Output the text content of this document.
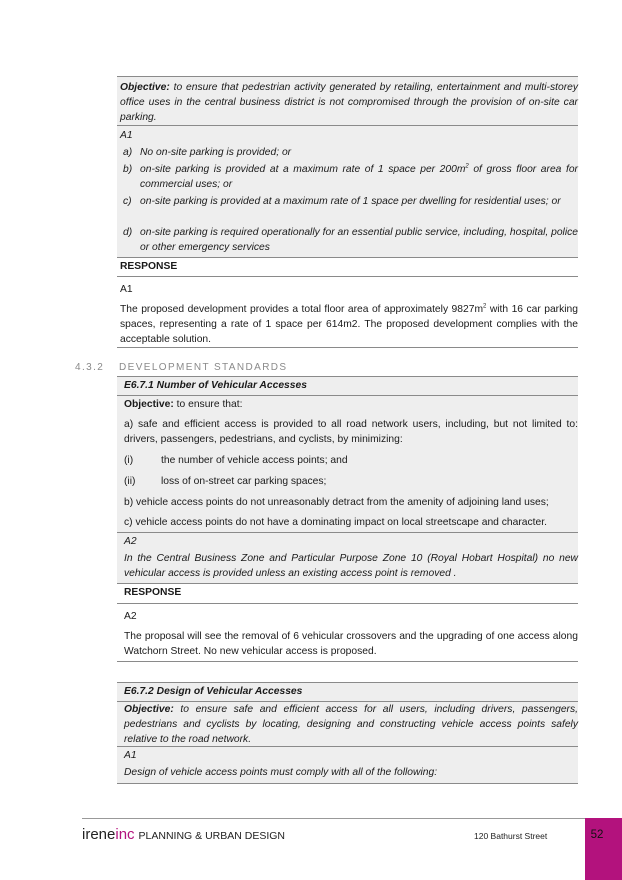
Objective: to ensure that pedestrian activity generated by retailing, entertainment and multi-storey office uses in the central business district is not compromised through the provision of on-site car parking.

A1
a) No on-site parking is provided; or
b) on-site parking is provided at a maximum rate of 1 space per $200m^2$ of gross floor area for commercial uses; or
c) on-site parking is provided at a maximum rate of 1 space per dwelling for residential uses; or
d) on-site parking is required operationally for an essential public service, including, hospital, police or other emergency services
RESPONSE
A1

The proposed development provides a total floor area of approximately $9827m^2$ with 16 car parking spaces, representing a rate of 1 space per 614m2. The proposed development complies with the acceptable solution.

4.3.2 DEVELOPMENT STANDARDS
E6.7.1 Number of Vehicular Accesses
Objective: to ensure that:

a) safe and efficient access is provided to all road network users, including, but not limited to: drivers, passengers, pedestrians, and cyclists, by minimizing:

(i)	the number of vehicle access points; and
(ii) loss of on-street car parking spaces;
b) vehicle access points do not unreasonably detract from the amenity of adjoining land uses;
c) vehicle access points do not have a dominating impact on local streetscape and character.
A2

In the Central Business Zone and Particular Purpose Zone 10 (Royal Hobart Hospital) no new vehicular access is provided unless an existing access point is removed .

RESPONSE
A2

The proposal will see the removal of 6 vehicular crossovers and the upgrading of one access along Watchorn Street. No new vehicular access is proposed.

E6.7.2 Design of Vehicular Accesses

Objective: to ensure safe and efficient access for all users, including drivers, passengers, pedestrians and cyclists by locating, designing and constructing vehicle access points safely relative to the road network.

A1
Design of vehicle access points must comply with all of the following:
ireneinc PLANNING & URBAN DESIGN	120 Bathurst Street	52
